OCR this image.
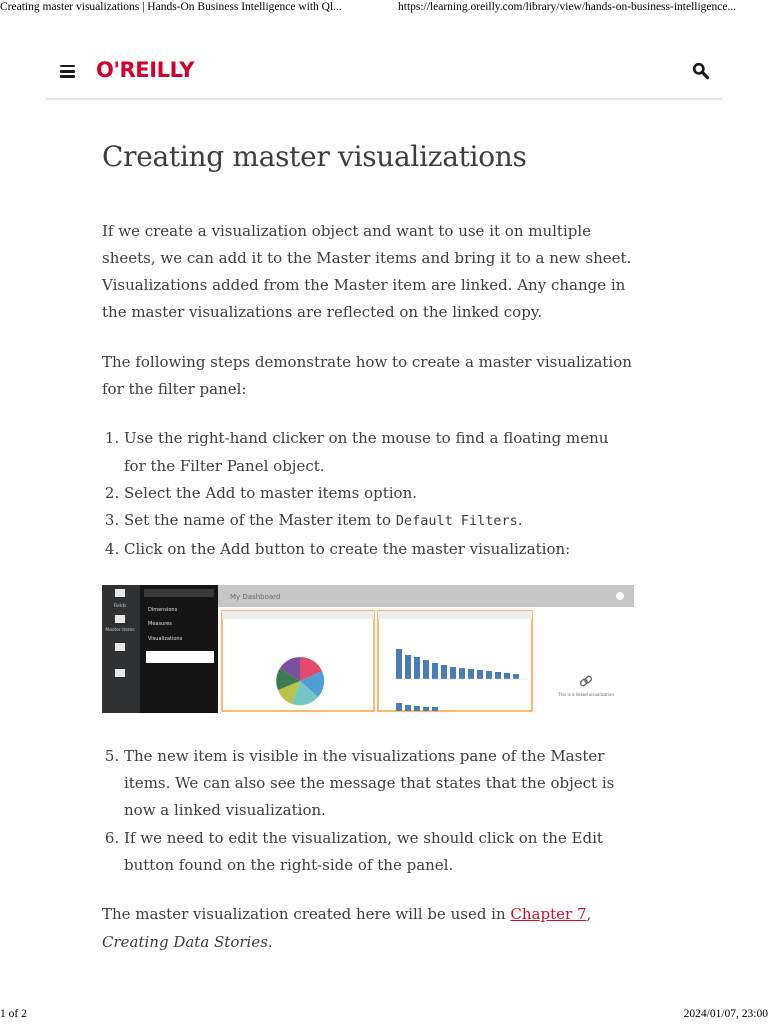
Creating master visualizations | Hands-On Business Intelligence with Ql...	https://learning.oreilly.com/library/view/hands-on-business-intelligence...
O'REILLY
Creating master visualizations

If we create a visualization object and want to use it on multiple sheets, we can add it to the Master items and bring it to a new sheet. Visualizations added from the Master item are linked. Any change in the master visualizations are reflected on the linked copy.

The following steps demonstrate how to create a master visualization for the filter panel:

1. Use the right-hand clicker on the mouse to find a floating menu for the Filter Panel object.
2. Select the Add to master items option.
3. Set the name of the Master item to Default Filters.
4. Click on the Add button to create the master visualization:
Fields
Master items
Dimensions
Measures
Visualizations
My Dashboard
This is a linked visualization
5. The new item is visible in the visualizations pane of the Master items. We can also see the message that states that the object is now a linked visualization.
6. If we need to edit the visualization, we should click on the Edit button found on the right-side of the panel.

The master visualization created here will be used in Chapter 7, Creating Data Stories.

1 of 2	2024/01/07, 23:00
